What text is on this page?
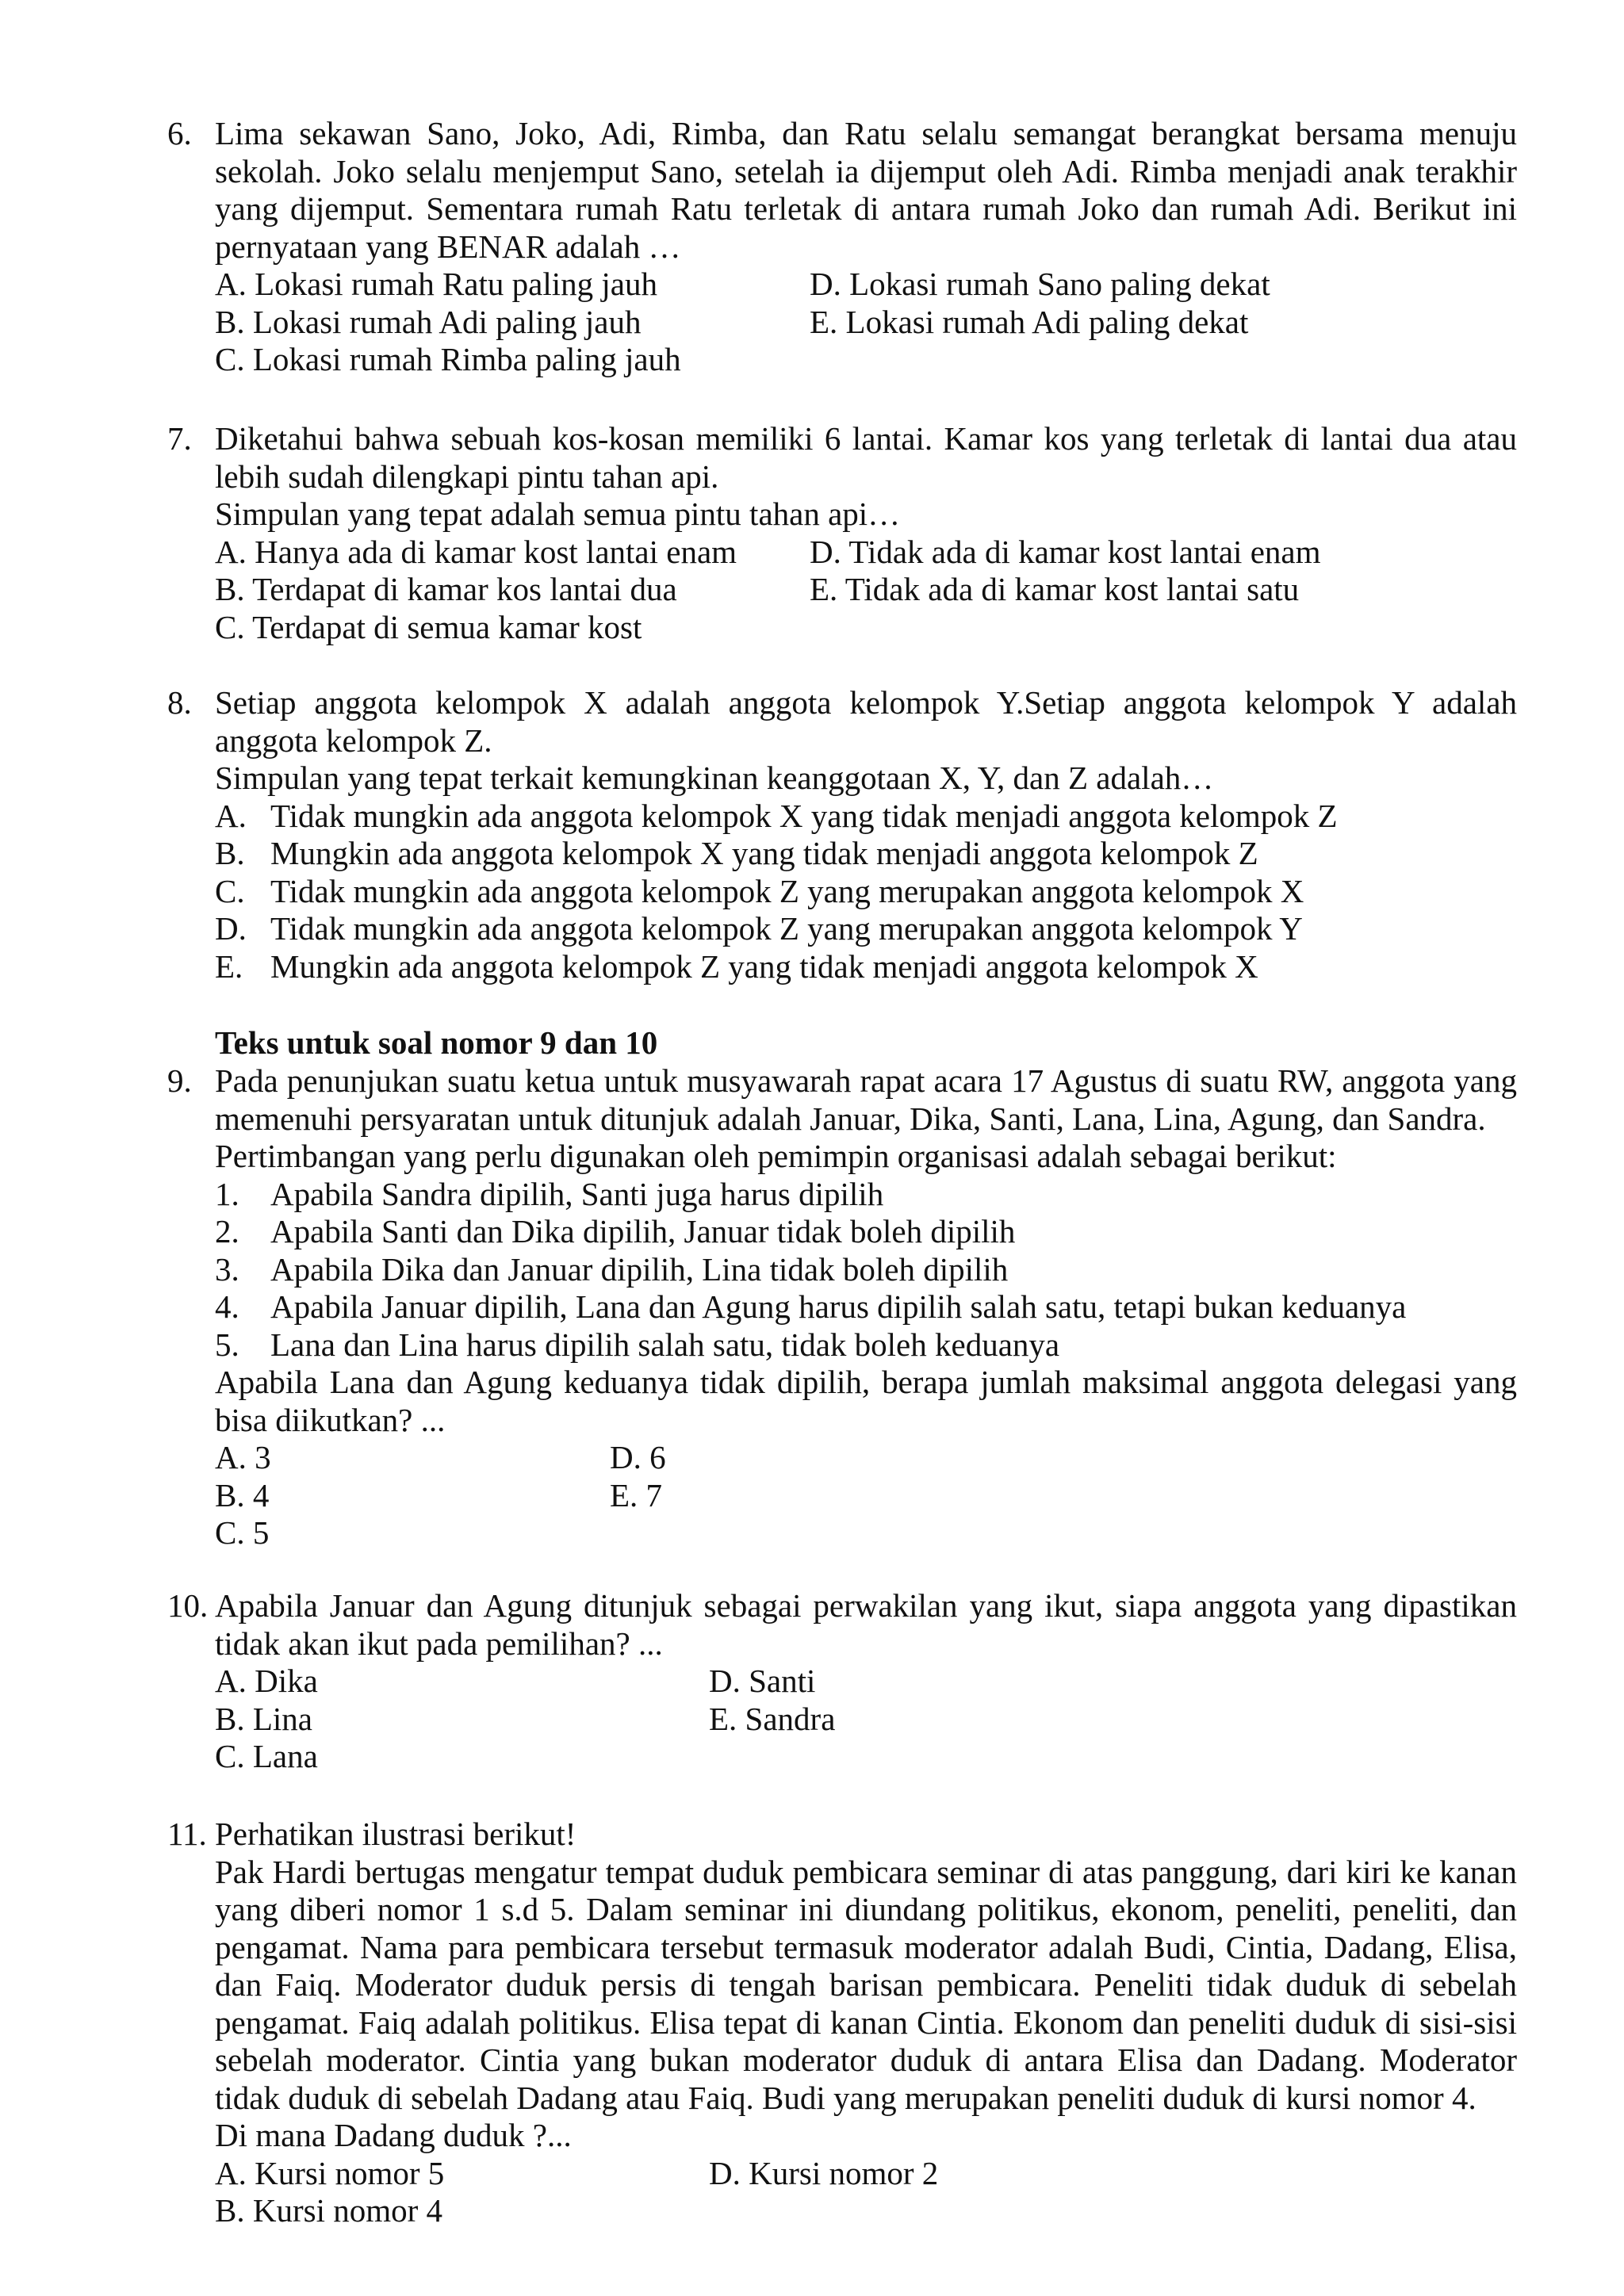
6. Lima sekawan Sano, Joko, Adi, Rimba, dan Ratu selalu semangat berangkat bersama menuju sekolah. Joko selalu menjemput Sano, setelah ia dijemput oleh Adi. Rimba menjadi anak terakhir yang dijemput. Sementara rumah Ratu terletak di antara rumah Joko dan rumah Adi. Berikut ini pernyataan yang BENAR adalah …
A. Lokasi rumah Ratu paling jauh	D. Lokasi rumah Sano paling dekat
B. Lokasi rumah Adi paling jauh	E. Lokasi rumah Adi paling dekat
C. Lokasi rumah Rimba paling jauh
7. Diketahui bahwa sebuah kos-kosan memiliki 6 lantai. Kamar kos yang terletak di lantai dua atau lebih sudah dilengkapi pintu tahan api.
Simpulan yang tepat adalah semua pintu tahan api…
A. Hanya ada di kamar kost lantai enam D. Tidak ada di kamar kost lantai enam
B. Terdapat di kamar kos lantai dua	E. Tidak ada di kamar kost lantai satu
C. Terdapat di semua kamar kost
8. Setiap anggota kelompok X adalah anggota kelompok Y.Setiap anggota kelompok Y adalah anggota kelompok Z.
Simpulan yang tepat terkait kemungkinan keanggotaan X, Y, dan Z adalah…
A. Tidak mungkin ada anggota kelompok X yang tidak menjadi anggota kelompok Z
B. Mungkin ada anggota kelompok X yang tidak menjadi anggota kelompok Z
C. Tidak mungkin ada anggota kelompok Z yang merupakan anggota kelompok X
D. Tidak mungkin ada anggota kelompok Z yang merupakan anggota kelompok Y
E. Mungkin ada anggota kelompok Z yang tidak menjadi anggota kelompok X
Teks untuk soal nomor 9 dan 10
9. Pada penunjukan suatu ketua untuk musyawarah rapat acara 17 Agustus di suatu RW, anggota yang memenuhi persyaratan untuk ditunjuk adalah Januar, Dika, Santi, Lana, Lina, Agung, dan Sandra.
Pertimbangan yang perlu digunakan oleh pemimpin organisasi adalah sebagai berikut:
1. Apabila Sandra dipilih, Santi juga harus dipilih
2. Apabila Santi dan Dika dipilih, Januar tidak boleh dipilih
3. Apabila Dika dan Januar dipilih, Lina tidak boleh dipilih
4. Apabila Januar dipilih, Lana dan Agung harus dipilih salah satu, tetapi bukan keduanya
5. Lana dan Lina harus dipilih salah satu, tidak boleh keduanya
Apabila Lana dan Agung keduanya tidak dipilih, berapa jumlah maksimal anggota delegasi yang bisa diikutkan? ...
A. 3	D. 6
B. 4	E. 7
C. 5
10. Apabila Januar dan Agung ditunjuk sebagai perwakilan yang ikut, siapa anggota yang dipastikan tidak akan ikut pada pemilihan? ...
A. Dika	D. Santi
B. Lina	E. Sandra
C. Lana
11. Perhatikan ilustrasi berikut!
Pak Hardi bertugas mengatur tempat duduk pembicara seminar di atas panggung, dari kiri ke kanan yang diberi nomor 1 s.d 5. Dalam seminar ini diundang politikus, ekonom, peneliti, peneliti, dan pengamat. Nama para pembicara tersebut termasuk moderator adalah Budi, Cintia, Dadang, Elisa, dan Faiq. Moderator duduk persis di tengah barisan pembicara. Peneliti tidak duduk di sebelah pengamat. Faiq adalah politikus. Elisa tepat di kanan Cintia. Ekonom dan peneliti duduk di sisi-sisi sebelah moderator. Cintia yang bukan moderator duduk di antara Elisa dan Dadang. Moderator tidak duduk di sebelah Dadang atau Faiq. Budi yang merupakan peneliti duduk di kursi nomor 4.
Di mana Dadang duduk ?...
A. Kursi nomor 5	D. Kursi nomor 2
B. Kursi nomor 4
